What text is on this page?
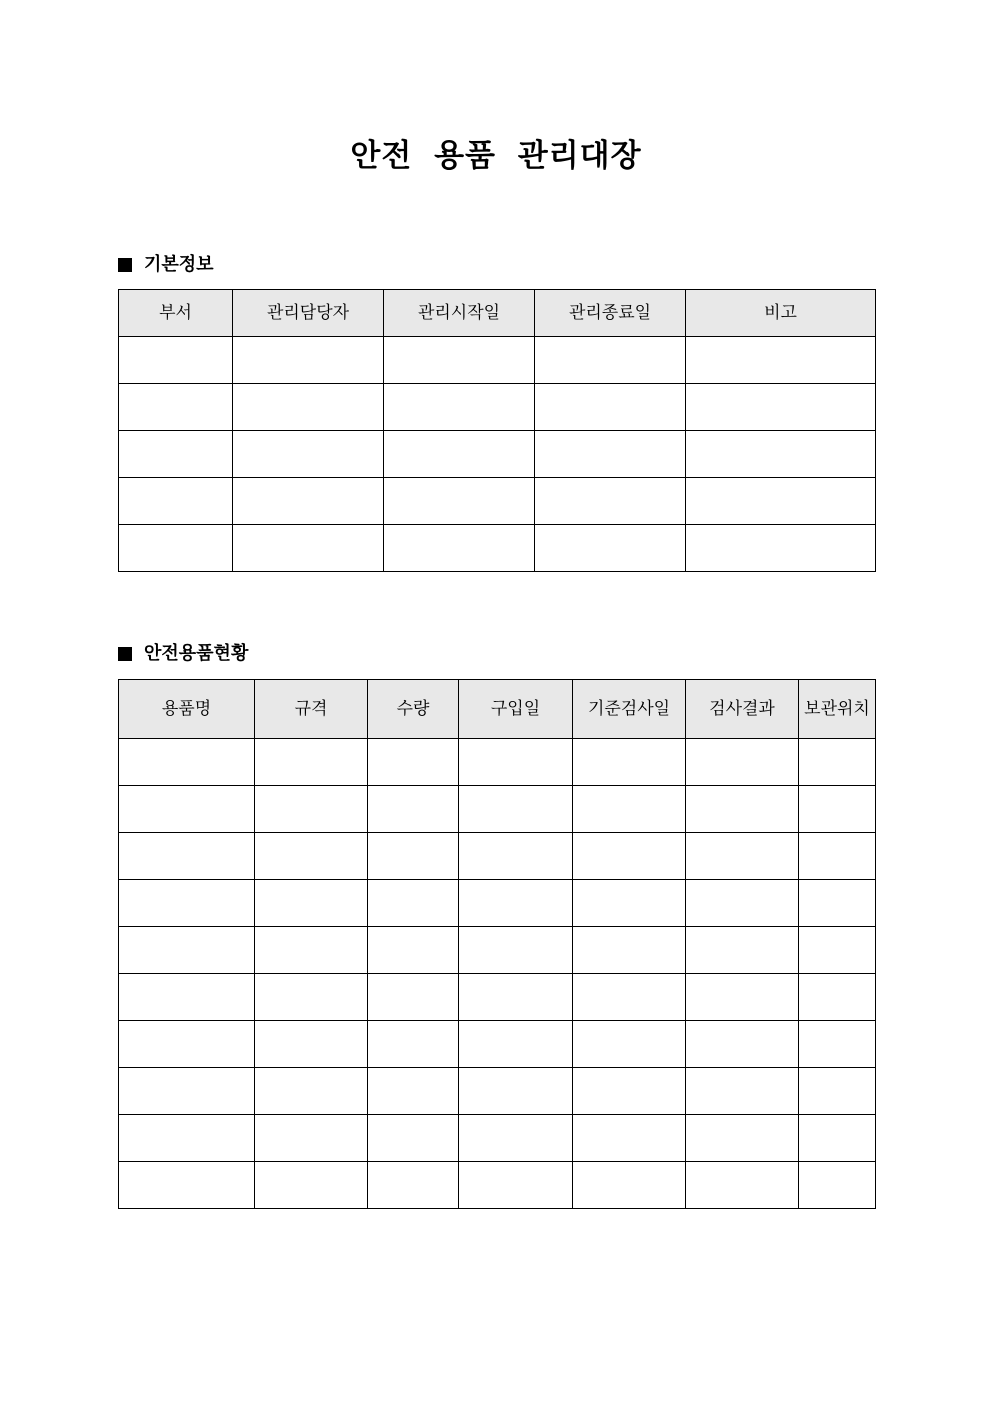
안전 용품 관리대장
기본정보
부서	관리담당자	관리시작일	관리종료일	비고

안전용품현황
용품명	규격	수량	구입일	기준검사일	검사결과	보관위치
